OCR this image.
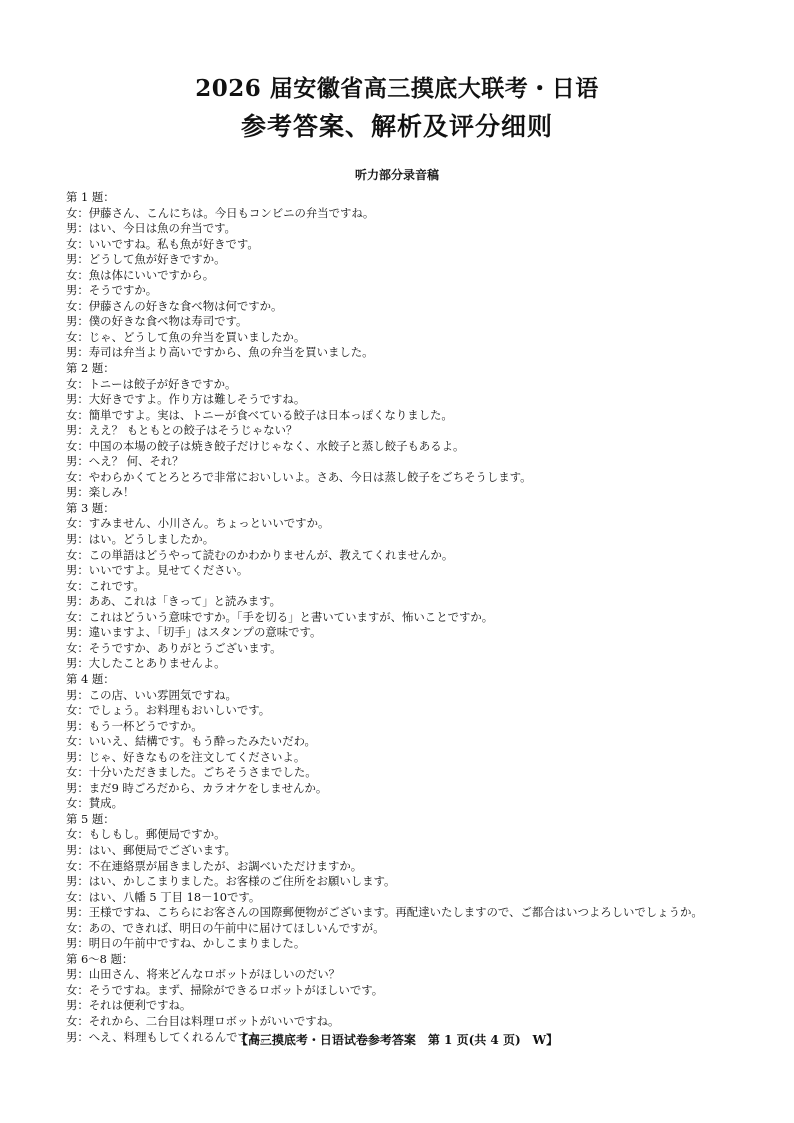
2026 届安徽省高三摸底大联考・日语
参考答案、解析及评分细则
听力部分录音稿
第 1 题：
女：伊藤さん、こんにちは。今日もコンビニの弁当ですね。
男：はい、今日は魚の弁当です。
女：いいですね。私も魚が好きです。
男：どうして魚が好きですか。
女：魚は体にいいですから。
男：そうですか。
女：伊藤さんの好きな食べ物は何ですか。
男：僕の好きな食べ物は寿司です。
女：じゃ、どうして魚の弁当を買いましたか。
男：寿司は弁当より高いですから、魚の弁当を買いました。
第 2 题：
女：トニーは餃子が好きですか。
男：大好きですよ。作り方は難しそうですね。
女：簡単ですよ。実は、トニーが食べている餃子は日本っぽくなりました。
男：ええ？ もともとの餃子はそうじゃない？
女：中国の本場の餃子は焼き餃子だけじゃなく、水餃子と蒸し餃子もあるよ。
男：へえ？ 何、それ？
女：やわらかくてとろとろで非常においしいよ。さあ、今日は蒸し餃子をごちそうします。
男：楽しみ！
第 3 题：
女：すみません、小川さん。ちょっといいですか。
男：はい。どうしましたか。
女：この単語はどうやって読むのかわかりませんが、教えてくれませんか。
男：いいですよ。見せてください。
女：これです。
男：ああ、これは「きって」と読みます。
女：これはどういう意味ですか。「手を切る」と書いていますが、怖いことですか。
男：違いますよ、「切手」はスタンプの意味です。
女：そうですか、ありがとうございます。
男：大したことありませんよ。
第 4 题：
男：この店、いい雰囲気ですね。
女：でしょう。お料理もおいしいです。
男：もう一杯どうですか。
女：いいえ、結構です。もう酔ったみたいだわ。
男：じゃ、好きなものを注文してくださいよ。
女：十分いただきました。ごちそうさまでした。
男：まだ9 時ごろだから、カラオケをしませんか。
女：賛成。
第 5 题：
女：もしもし。郵便局ですか。
男：はい、郵便局でございます。
女：不在連絡票が届きましたが、お調べいただけますか。
男：はい、かしこまりました。お客様のご住所をお願いします。
女：はい、八幡 5 丁目 18－10です。
男：王様ですね、こちらにお客さんの国際郵便物がございます。再配達いたしますので、ご都合はいつよろしいでしょうか。
女：あの、できれば、明日の午前中に届けてほしいんですが。
男：明日の午前中ですね、かしこまりました。
第 6～8 题：
男：山田さん、将来どんなロボットがほしいのだい？
女：そうですね。まず、掃除ができるロボットがほしいです。
男：それは便利ですね。
女：それから、二台目は料理ロボットがいいですね。
男：へえ、料理もしてくれるんですね。
【高三摸底考・日语试卷参考答案　第 1 页(共 4 页)　W】
